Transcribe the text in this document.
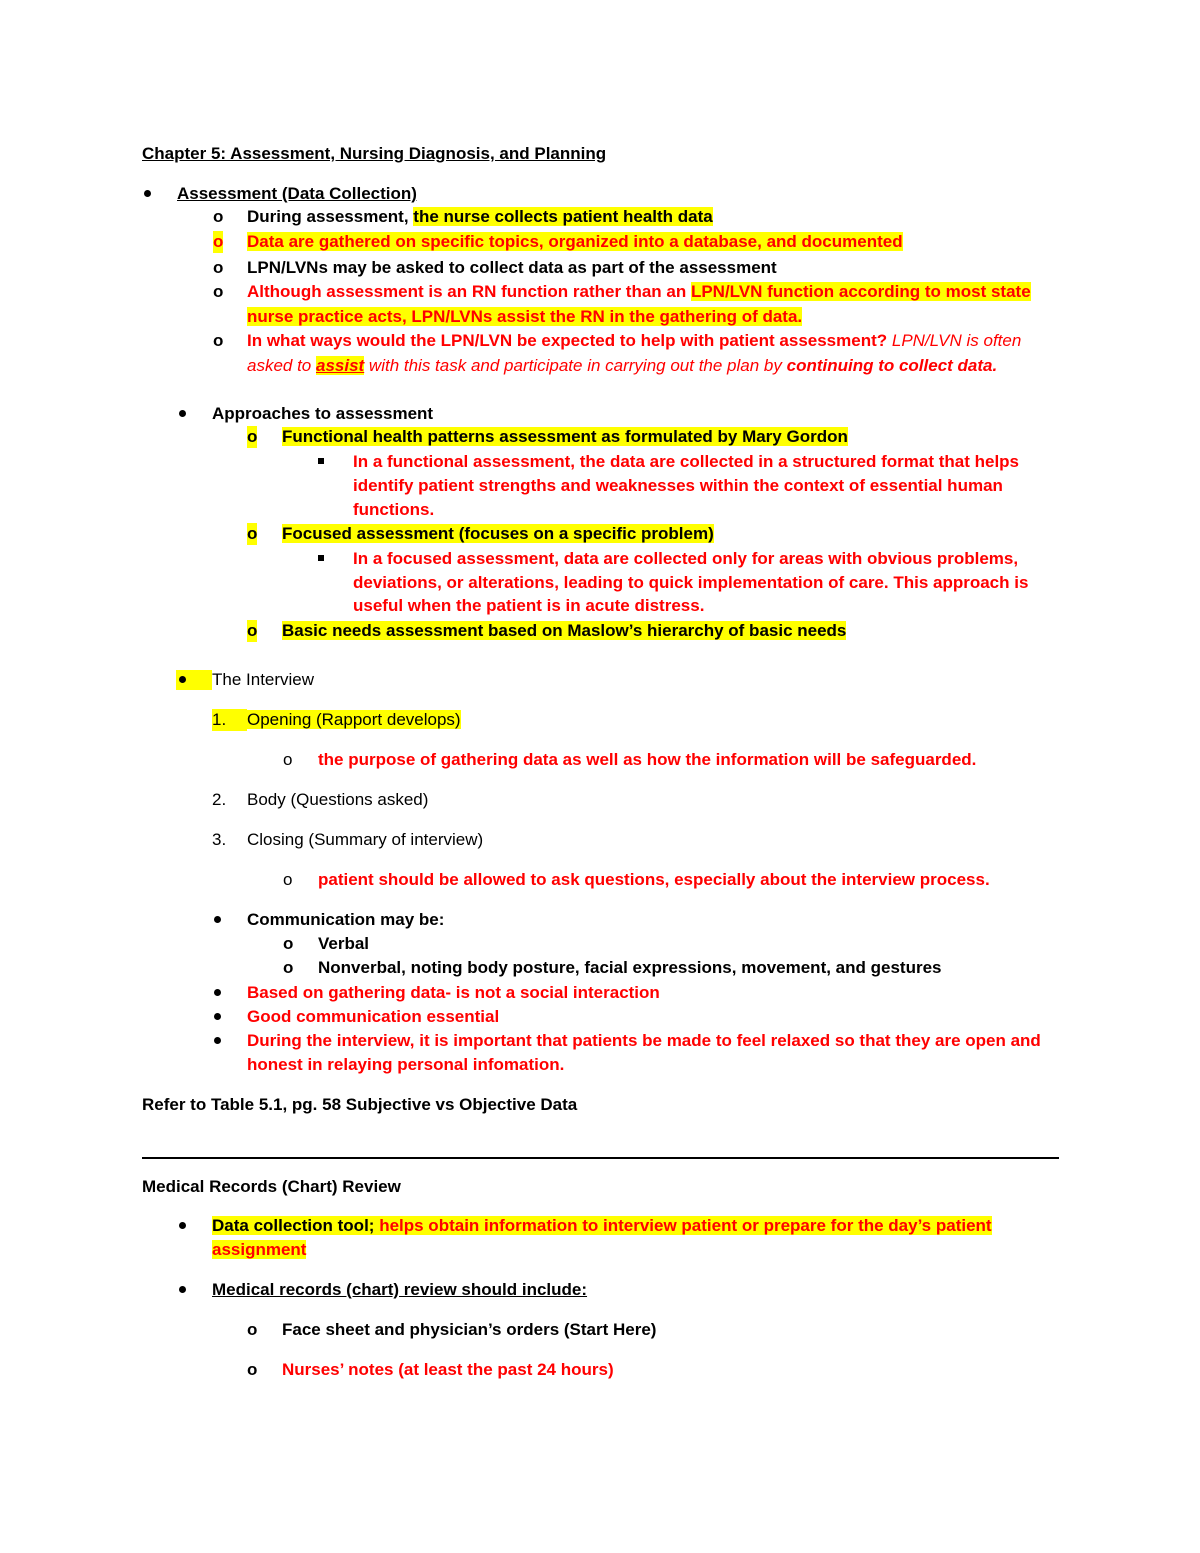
Chapter 5: Assessment, Nursing Diagnosis, and Planning
Assessment (Data Collection)
o During assessment, the nurse collects patient health data
o Data are gathered on specific topics, organized into a database, and documented
o LPN/LVNs may be asked to collect data as part of the assessment
o Although assessment is an RN function rather than an LPN/LVN function according to most state
nurse practice acts, LPN/LVNs assist the RN in the gathering of data.
o In what ways would the LPN/LVN be expected to help with patient assessment? LPN/LVN is often
asked to assist with this task and participate in carrying out the plan by continuing to collect data.
Approaches to assessment
o Functional health patterns assessment as formulated by Mary Gordon
In a functional assessment, the data are collected in a structured format that helps
identify patient strengths and weaknesses within the context of essential human
functions.
o Focused assessment (focuses on a specific problem)
In a focused assessment, data are collected only for areas with obvious problems,
deviations, or alterations, leading to quick implementation of care. This approach is
useful when the patient is in acute distress.
o Basic needs assessment based on Maslow’s hierarchy of basic needs
The Interview
1.	Opening (Rapport develops)
o the purpose of gathering data as well as how the information will be safeguarded.
2. Body (Questions asked)
3. Closing (Summary of interview)
o patient should be allowed to ask questions, especially about the interview process.
Communication may be:
o Verbal
o Nonverbal, noting body posture, facial expressions, movement, and gestures
Based on gathering data- is not a social interaction
Good communication essential
During the interview, it is important that patients be made to feel relaxed so that they are open and
honest in relaying personal infomation.
Refer to Table 5.1, pg. 58 Subjective vs Objective Data
Medical Records (Chart) Review
Data collection tool; helps obtain information to interview patient or prepare for the day’s patient
assignment
Medical records (chart) review should include:
o Face sheet and physician’s orders (Start Here)
o Nurses’ notes (at least the past 24 hours)
